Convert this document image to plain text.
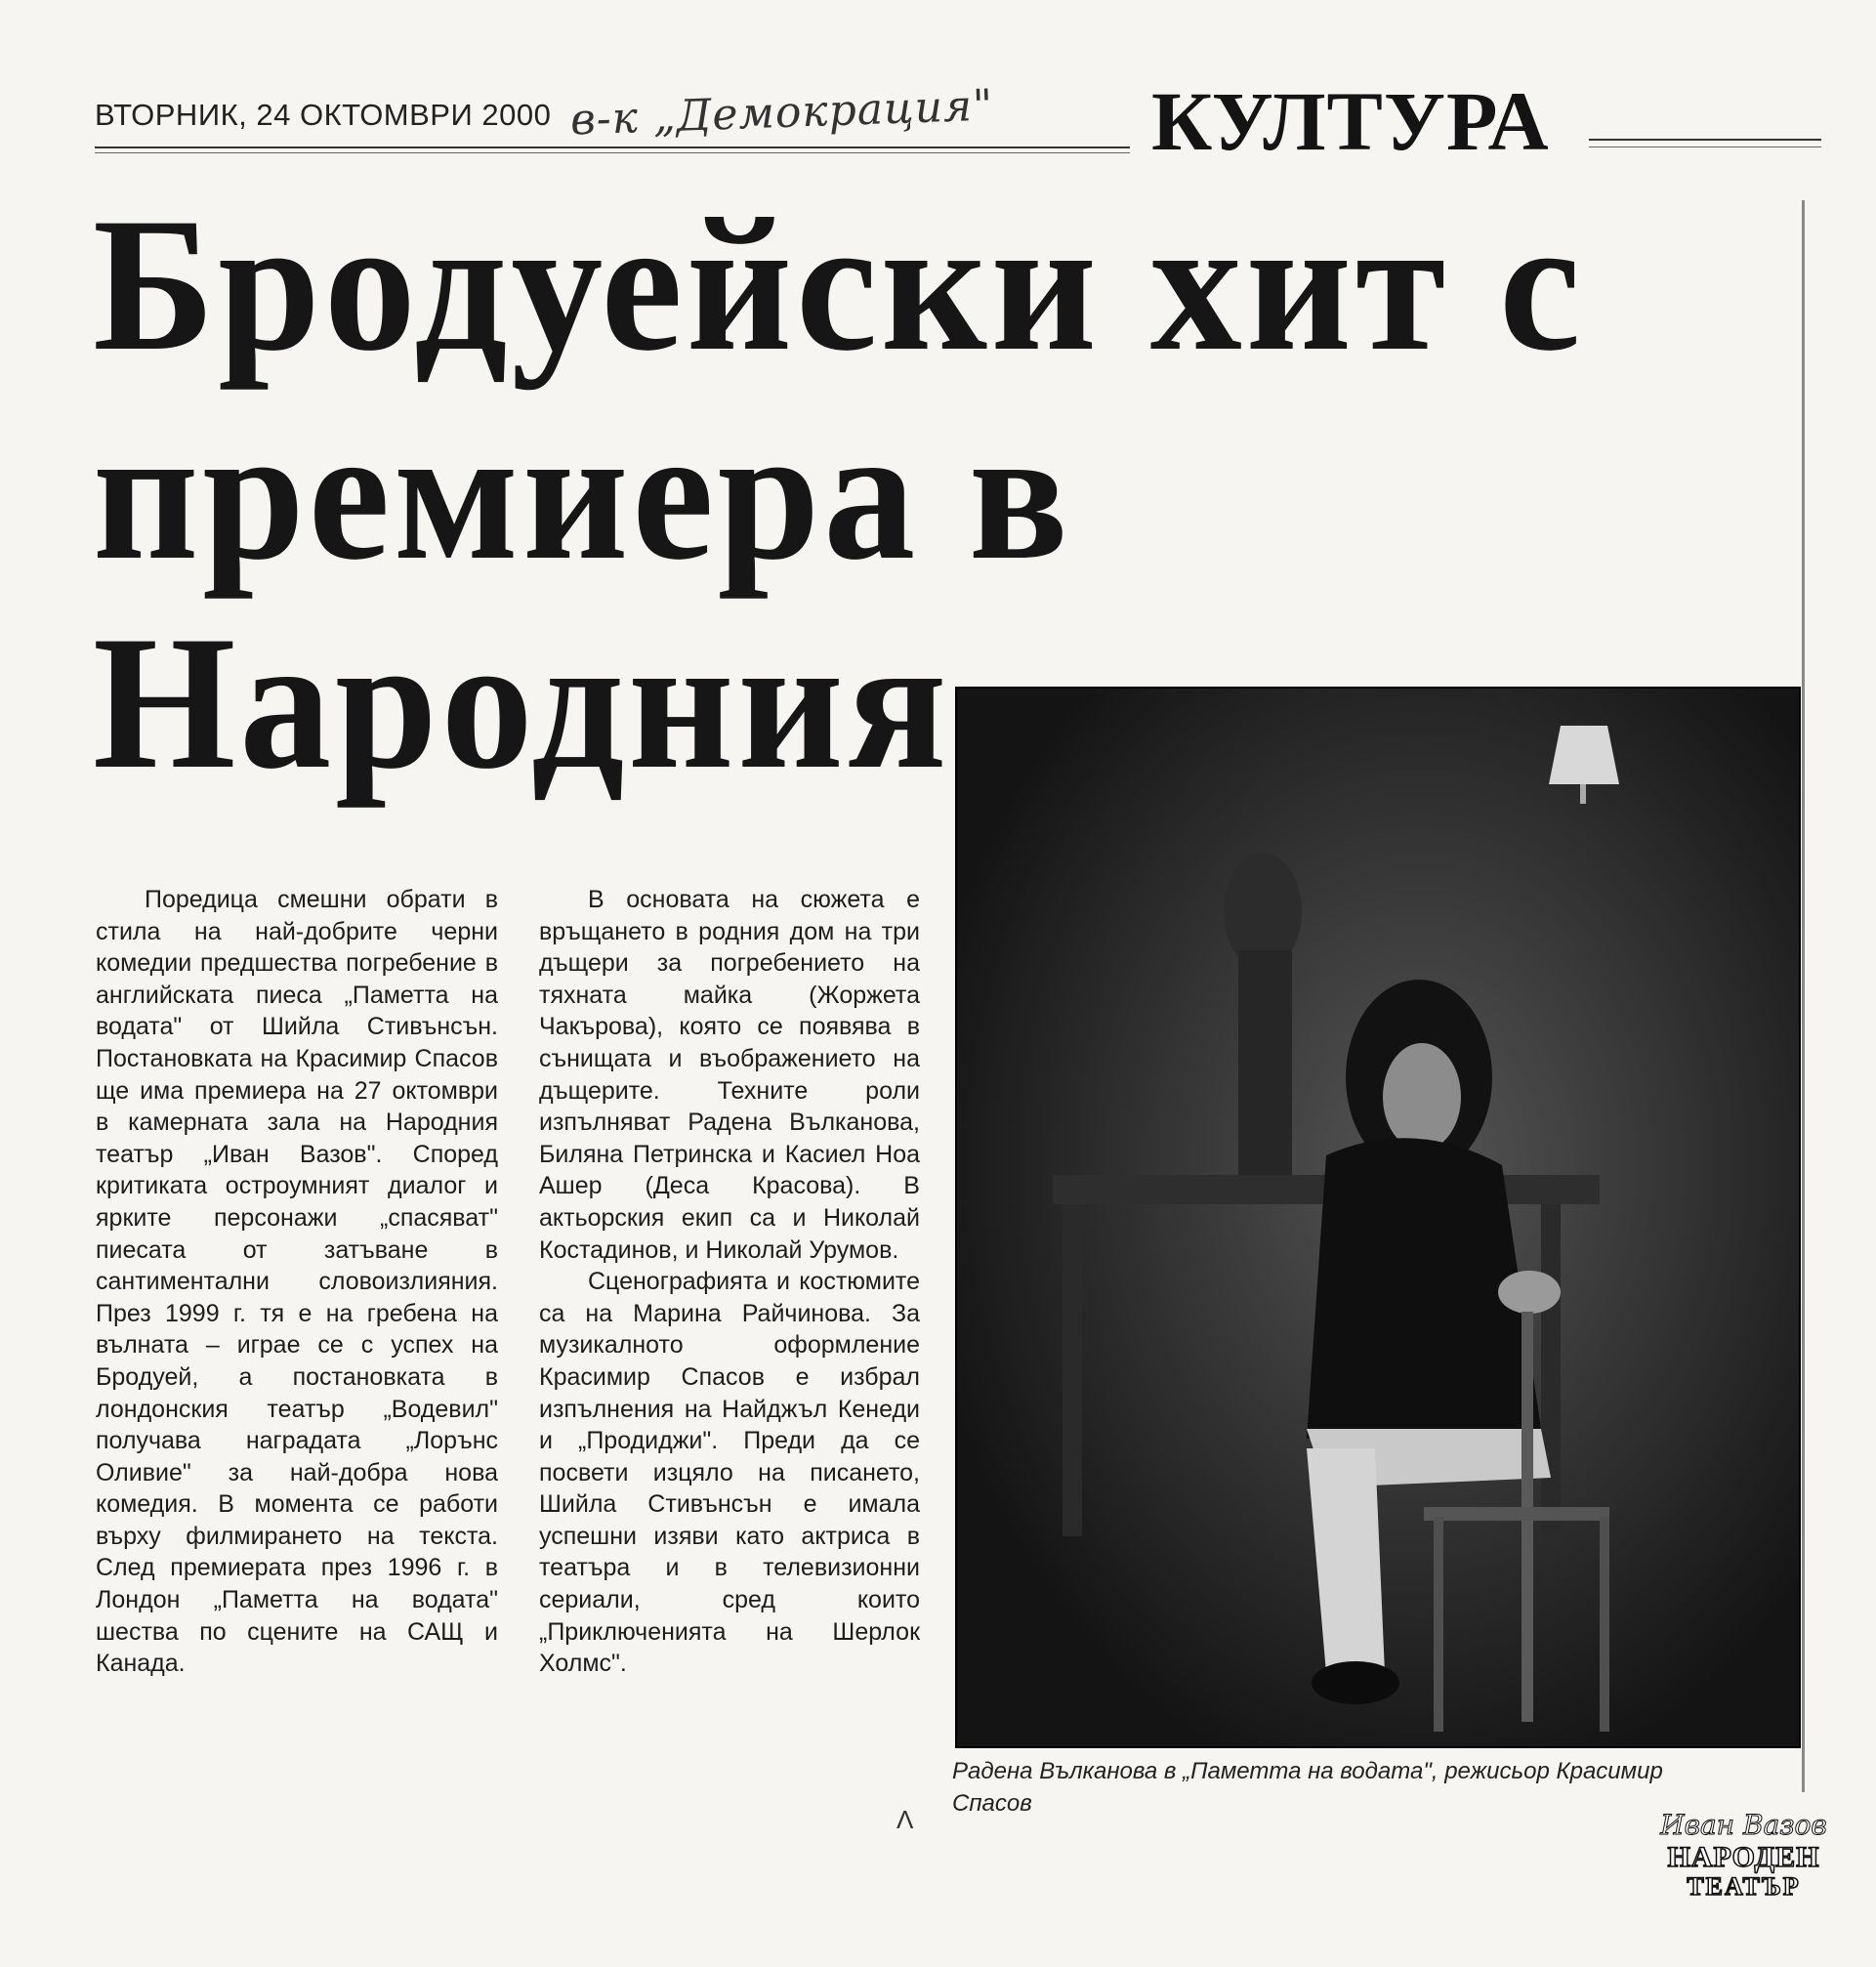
ВТОРНИК, 24 ОКТОМВРИ 2000 в-к „Демокрация" КУЛТУРА
Бродуейски хит с премиера в Народния

Радена Вълканова в „Паметта на водата", режисьор Красимир Спасов

Поредица смешни обрати в стила на най-добрите черни комедии предшества погребение в английската пиеса „Паметта на водата" от Шийла Стивънсън. Постановката на Красимир Спасов ще има премиера на 27 октомври в камерната зала на Народния театър „Иван Вазов". Според критиката остроумният диалог и ярките персонажи „спасяват" пиесата от затъване в сантиментални словоизлияния. През 1999 г. тя е на гребена на вълната – играе се с успех на Бродуей, а постановката в лондонския театър „Водевил" получава наградата „Лорънс Оливие" за най-добра нова комедия. В момента се работи върху филмирането на текста. След премиерата през 1996 г. в Лондон „Паметта на водата" шества по сцените на САЩ и Канада.

В основата на сюжета е връщането в родния дом на три дъщери за погребението на тяхната майка (Жоржета Чакърова), която се появява в сънищата и въображението на дъщерите. Техните роли изпълняват Радена Вълканова, Биляна Петринска и Касиел Ноа Ашер (Деса Красова). В актьорския екип са и Николай Костадинов, и Николай Урумов.

Сценографията и костюмите са на Марина Райчинова. За музикалното оформление Красимир Спасов е избрал изпълнения на Найджъл Кенеди и „Продиджи". Преди да се посвети изцяло на писането, Шийла Стивънсън е имала успешни изяви като актриса в театъра и в телевизионни сериали, сред които „Приключенията на Шерлок Холмс".

Λ	Иван Вазов
НАРОДЕН
ТЕАТЪР
